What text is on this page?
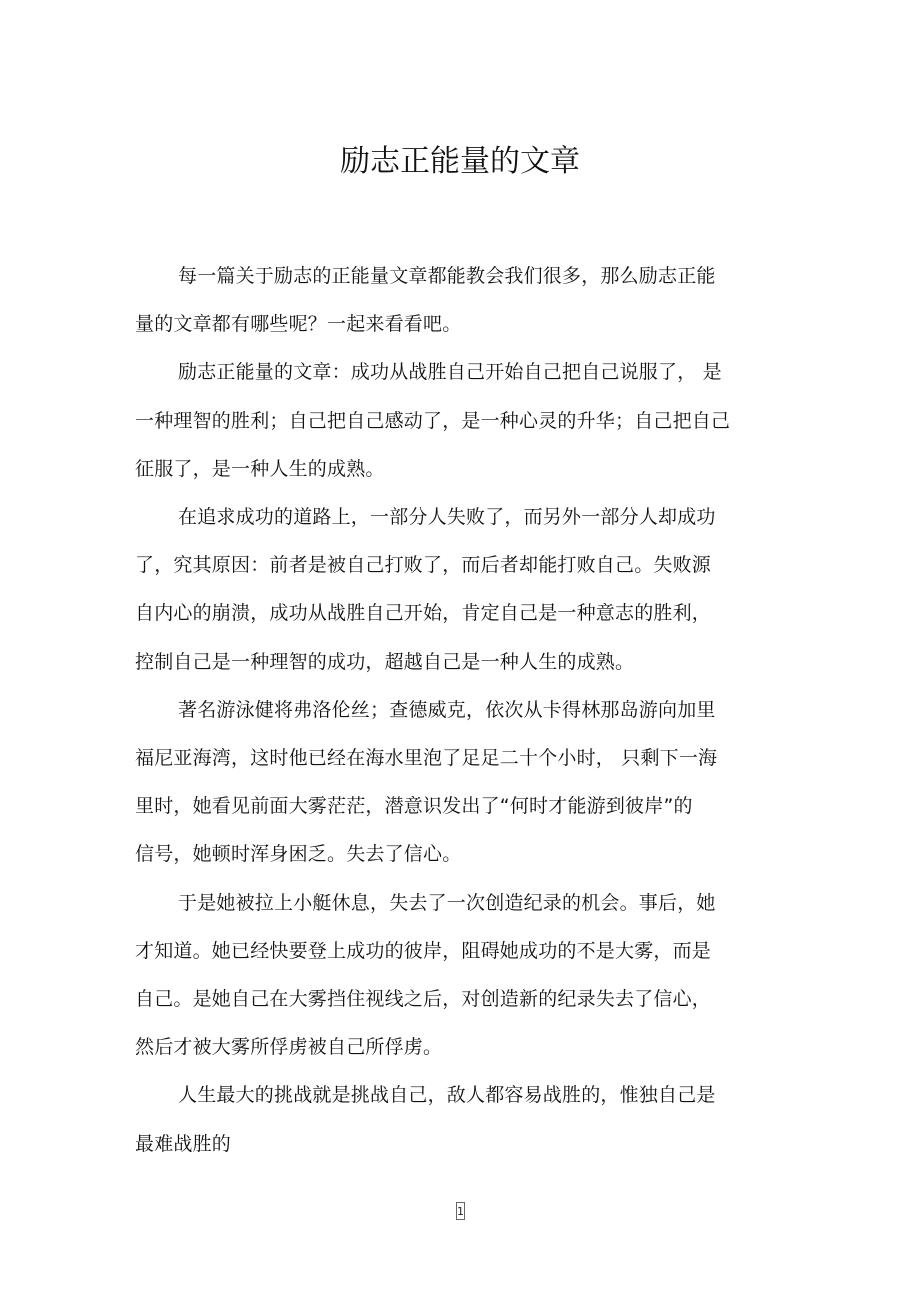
励志正能量的文章

每一篇关于励志的正能量文章都能教会我们很多，那么励志正能
量的文章都有哪些呢？一起来看看吧。

励志正能量的文章：成功从战胜自己开始自己把自己说服了， 是
一种理智的胜利；自己把自己感动了，是一种心灵的升华；自己把自己
征服了，是一种人生的成熟。

在追求成功的道路上，一部分人失败了，而另外一部分人却成功
了，究其原因：前者是被自己打败了，而后者却能打败自己。失败源
自内心的崩溃，成功从战胜自己开始，肯定自己是一种意志的胜利，
控制自己是一种理智的成功，超越自己是一种人生的成熟。

著名游泳健将弗洛伦丝；查德威克，依次从卡得林那岛游向加里
福尼亚海湾，这时他已经在海水里泡了足足二十个小时， 只剩下一海
里时，她看见前面大雾茫茫，潜意识发出了“何时才能游到彼岸”的
信号，她顿时浑身困乏。失去了信心。

于是她被拉上小艇休息，失去了一次创造纪录的机会。事后，她
才知道。她已经快要登上成功的彼岸，阻碍她成功的不是大雾，而是
自己。是她自己在大雾挡住视线之后，对创造新的纪录失去了信心，
然后才被大雾所俘虏被自己所俘虏。

人生最大的挑战就是挑战自己，敌人都容易战胜的，惟独自己是
最难战胜的

1
